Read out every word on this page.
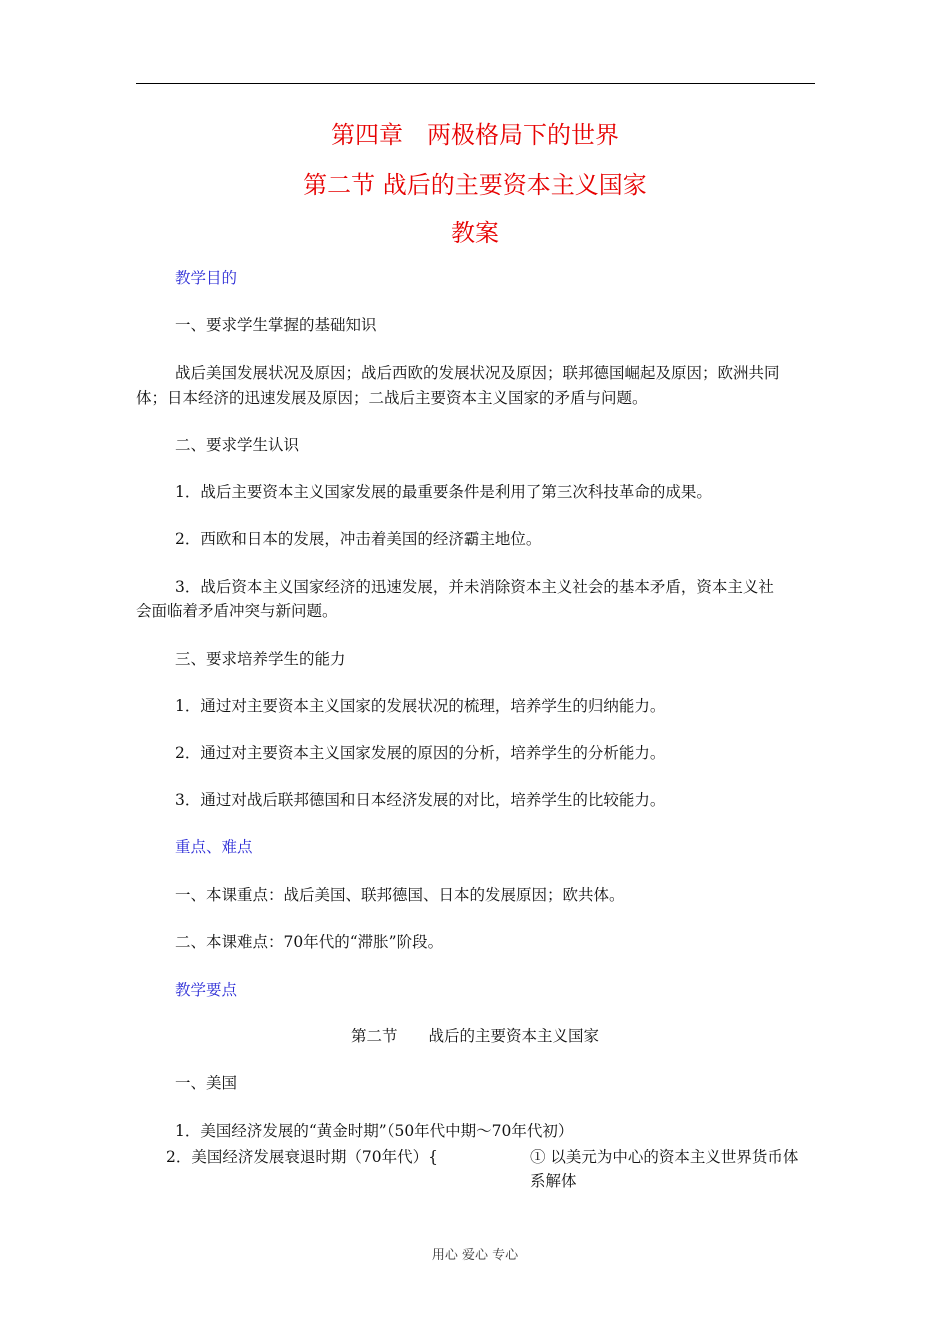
第四章　两极格局下的世界
第二节 战后的主要资本主义国家
教案
教学目的
一、要求学生掌握的基础知识
战后美国发展状况及原因；战后西欧的发展状况及原因；联邦德国崛起及原因；欧洲共同
体；日本经济的迅速发展及原因；二战后主要资本主义国家的矛盾与问题。
二、要求学生认识
1．战后主要资本主义国家发展的最重要条件是利用了第三次科技革命的成果。
2．西欧和日本的发展，冲击着美国的经济霸主地位。
3．战后资本主义国家经济的迅速发展，并未消除资本主义社会的基本矛盾，资本主义社
会面临着矛盾冲突与新问题。
三、要求培养学生的能力
1．通过对主要资本主义国家的发展状况的梳理，培养学生的归纳能力。
2．通过对主要资本主义国家发展的原因的分析，培养学生的分析能力。
3．通过对战后联邦德国和日本经济发展的对比，培养学生的比较能力。
重点、难点
一、本课重点：战后美国、联邦德国、日本的发展原因；欧共体。
二、本课难点：70年代的“滞胀”阶段。
教学要点
第二节　　战后的主要资本主义国家
一、美国
1．美国经济发展的“黄金时期”（50年代中期～70年代初）
2．美国经济发展衰退时期（70年代）{	① 以美元为中心的资本主义世界货币体
系解体
用心 爱心 专心
